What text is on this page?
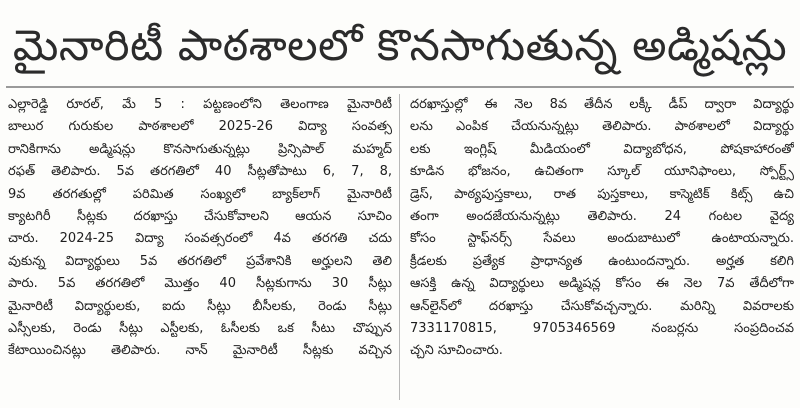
మైనారిటీ పాఠశాలలో కొనసాగుతున్న అడ్మిషన్లు
ఎల్లారెడ్డి రూరల్, మే 5 : పట్టణంలోని తెలంగాణ మైనారిటీ
బాలుర గురుకుల పాఠశాలలో 2025-26 విద్యా సంవత్స
రానికిగాను అడ్మిషన్లు కొనసాగుతున్నట్లు ప్రిన్సిపాల్ మహ్మద్
రఫత్ తెలిపారు. 5వ తరగతిలో 40 సీట్లతోపాటు 6, 7, 8,
9వ తరగతుల్లో పరిమిత సంఖ్యలో బ్యాక్‌లాగ్ మైనారిటీ
క్యాటగిరీ సీట్లకు దరఖాస్తు చేసుకోవాలని ఆయన సూచిం
చారు. 2024-25 విద్యా సంవత్సరంలో 4వ తరగతి చదు
వుకున్న విద్యార్థులు 5వ తరగతిలో ప్రవేశానికి అర్హులని తెలి
పారు. 5వ తరగతిలో మొత్తం 40 సీట్లకుగాను 30 సీట్లు
మైనారిటీ విద్యార్థులకు, ఐదు సీట్లు బీసీలకు, రెండు సీట్లు
ఎస్సీలకు, రెండు సీట్లు ఎస్టీలకు, ఓసీలకు ఒక సీటు చొప్పున
కేటాయించినట్లు తెలిపారు. నాన్ మైనారిటీ సీట్లకు వచ్చిన
దరఖాస్తుల్లో ఈ నెల 8వ తేదీన లక్కీ డీప్ ద్వారా విద్యార్థు
లను ఎంపిక చేయనున్నట్లు తెలిపారు. పాఠశాలలో విద్యార్థు
లకు ఇంగ్లిష్ మీడియంలో విద్యాబోధన, పోషకాహారంతో
కూడిన భోజనం, ఉచితంగా స్కూల్ యూనిఫాంలు, స్పోర్ట్స్
డ్రెస్, పాఠ్యపుస్తకాలు, రాత పుస్తకాలు, కాస్మెటిక్ కిట్స్ ఉచి
తంగా అందజేయనున్నట్లు తెలిపారు. 24 గంటల వైద్య
కోసం స్టాఫ్‌నర్స్ సేవలు అందుబాటులో ఉంటాయన్నారు.
క్రీడలకు ప్రత్యేక ప్రాధాన్యత ఉంటుందన్నారు. అర్హత కలిగి
ఆసక్తి ఉన్న విద్యార్థులు అడ్మిషన్ల కోసం ఈ నెల 7వ తేదీలోగా
ఆన్‌లైన్‌లో దరఖాస్తు చేసుకోవచ్చన్నారు. మరిన్ని వివరాలకు
7331170815, 9705346569 నంబర్లను సంప్రదించవ
చ్చని సూచించారు.
